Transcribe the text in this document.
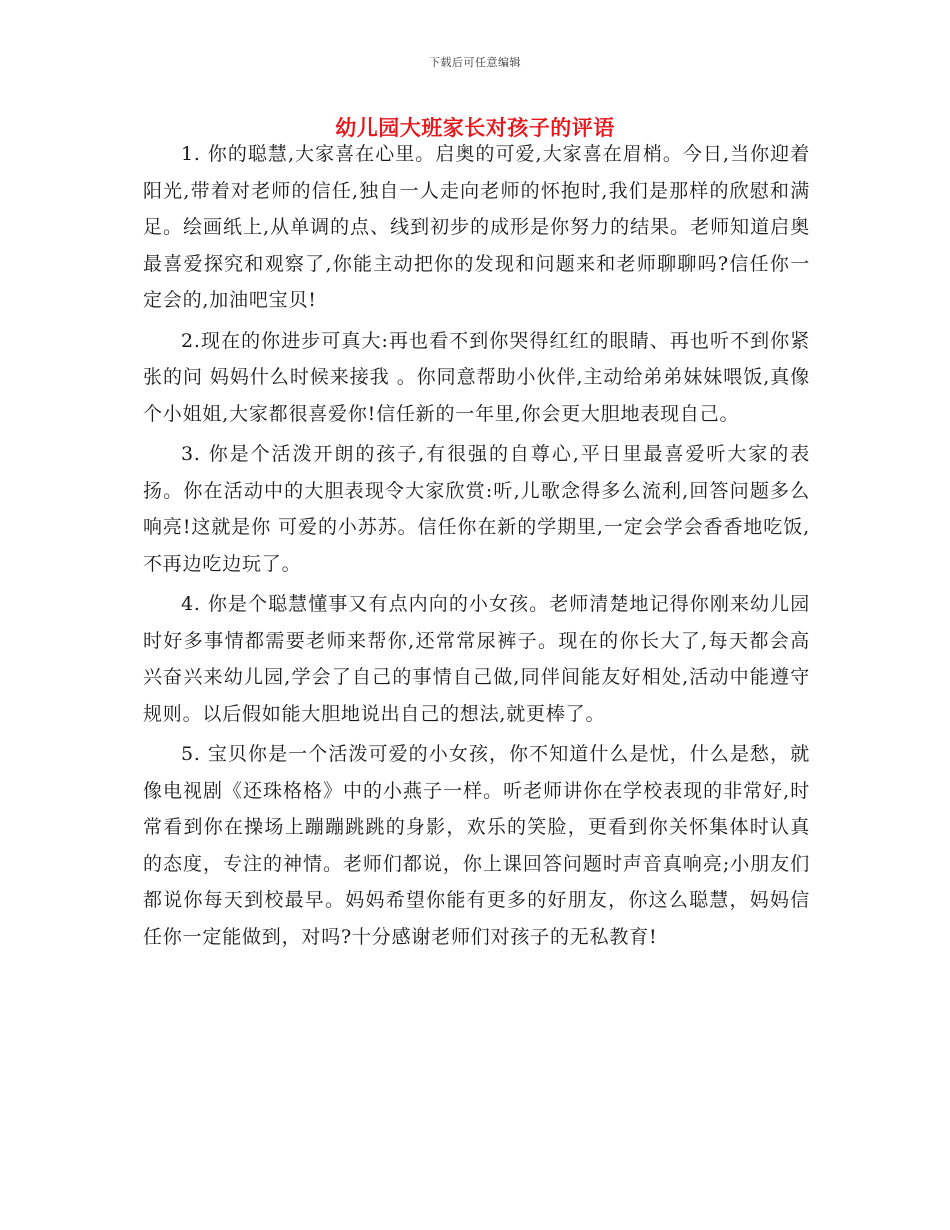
下载后可任意编辑
幼儿园大班家长对孩子的评语

1. 你的聪慧,大家喜在心里。启奥的可爱,大家喜在眉梢。今日,当你迎着阳光,带着对老师的信任,独自一人走向老师的怀抱时,我们是那样的欣慰和满足。绘画纸上,从单调的点、线到初步的成形是你努力的结果。老师知道启奥最喜爱探究和观察了,你能主动把你的发现和问题来和老师聊聊吗?信任你一定会的,加油吧宝贝!

2.现在的你进步可真大:再也看不到你哭得红红的眼睛、再也听不到你紧张的问 妈妈什么时候来接我 。你同意帮助小伙伴,主动给弟弟妹妹喂饭,真像个小姐姐,大家都很喜爱你!信任新的一年里,你会更大胆地表现自己。

3. 你是个活泼开朗的孩子,有很强的自尊心,平日里最喜爱听大家的表扬。你在活动中的大胆表现令大家欣赏:听,儿歌念得多么流利,回答问题多么响亮!这就是你 可爱的小苏苏。信任你在新的学期里,一定会学会香香地吃饭,不再边吃边玩了。

4. 你是个聪慧懂事又有点内向的小女孩。老师清楚地记得你刚来幼儿园时好多事情都需要老师来帮你,还常常尿裤子。现在的你长大了,每天都会高兴奋兴来幼儿园,学会了自己的事情自己做,同伴间能友好相处,活动中能遵守规则。以后假如能大胆地说出自己的想法,就更棒了。

5. 宝贝你是一个活泼可爱的小女孩，你不知道什么是忧，什么是愁，就像电视剧《还珠格格》中的小燕子一样。听老师讲你在学校表现的非常好,时常看到你在操场上蹦蹦跳跳的身影，欢乐的笑脸，更看到你关怀集体时认真的态度，专注的神情。老师们都说，你上课回答问题时声音真响亮;小朋友们都说你每天到校最早。妈妈希望你能有更多的好朋友，你这么聪慧，妈妈信任你一定能做到，对吗?十分感谢老师们对孩子的无私教育!
